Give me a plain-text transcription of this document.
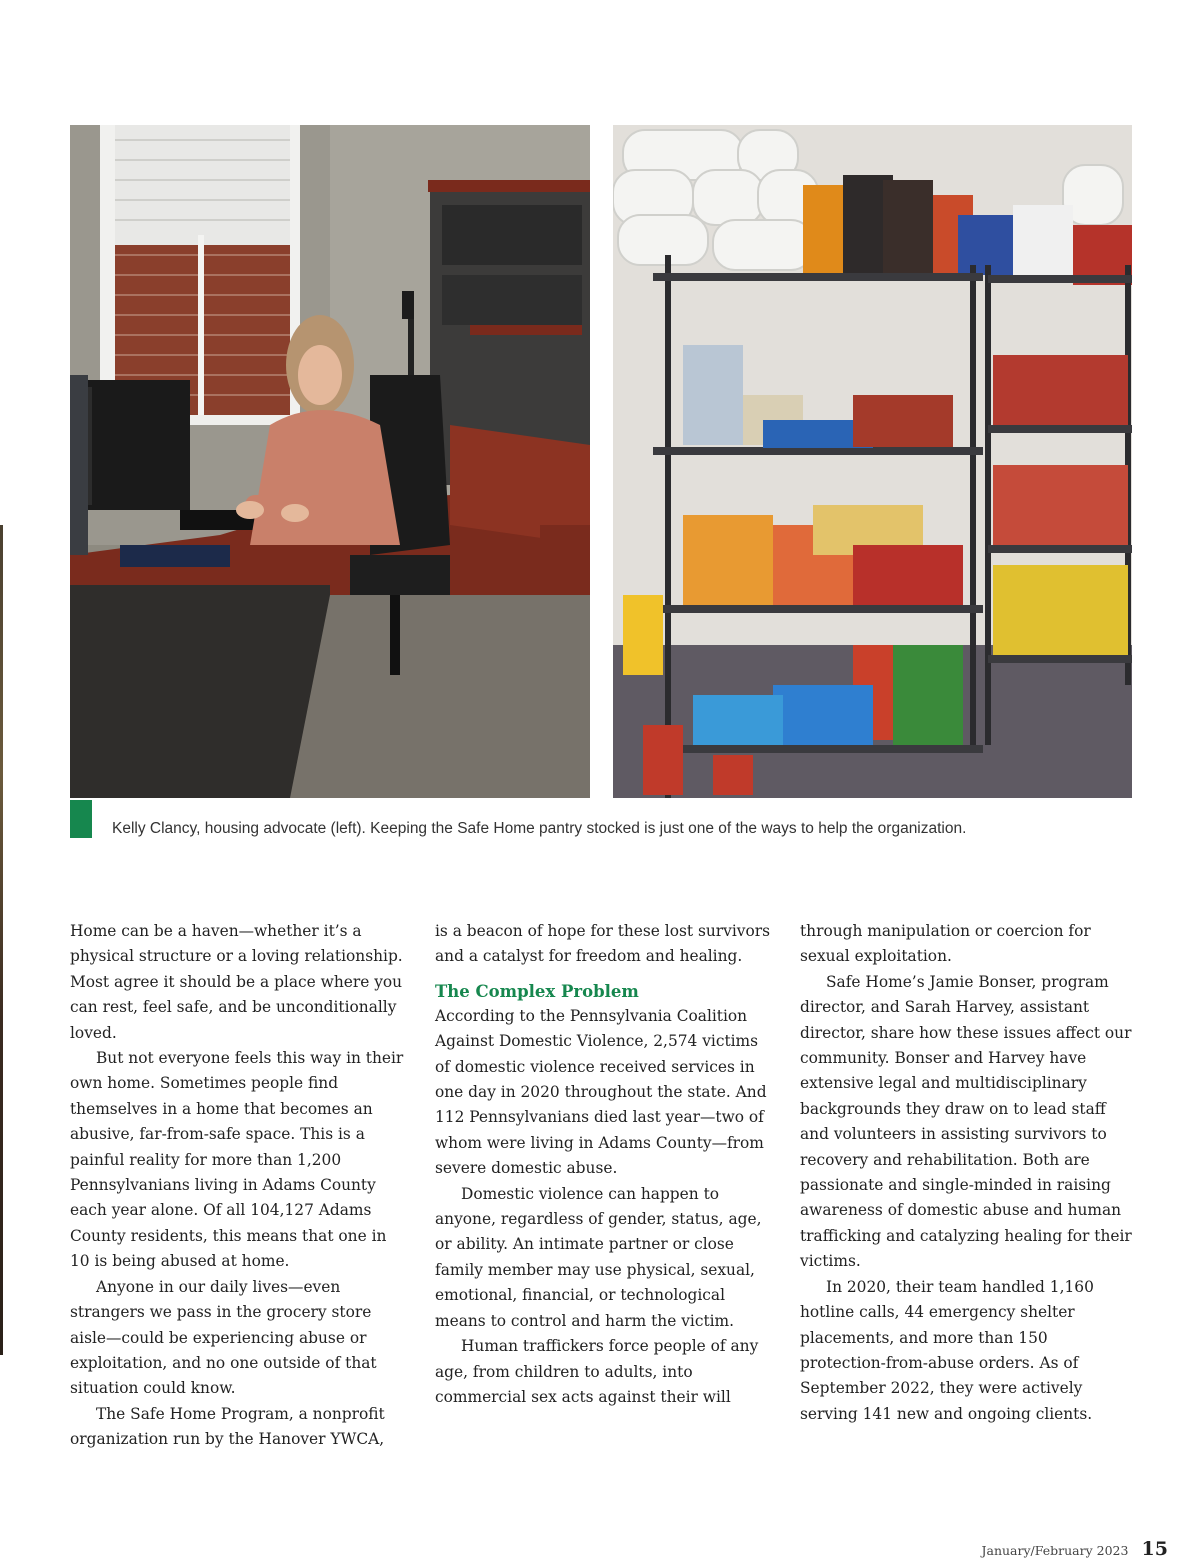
Kelly Clancy, housing advocate (left). Keeping the Safe Home pantry stocked is just one of the ways to help the organization.

Home can be a haven—whether it’s a physical structure or a loving relationship. Most agree it should be a place where you can rest, feel safe, and be unconditionally loved.

But not everyone feels this way in their own home. Sometimes people find themselves in a home that becomes an abusive, far-from-safe space. This is a painful reality for more than 1,200 Pennsylvanians living in Adams County each year alone. Of all 104,127 Adams County residents, this means that one in 10 is being abused at home.

Anyone in our daily lives—even strangers we pass in the grocery store aisle—could be experiencing abuse or exploitation, and no one outside of that situation could know.

The Safe Home Program, a nonprofit organization run by the Hanover YWCA,

is a beacon of hope for these lost survivors and a catalyst for freedom and healing.

The Complex Problem

According to the Pennsylvania Coalition Against Domestic Violence, 2,574 victims of domestic violence received services in one day in 2020 throughout the state. And 112 Pennsylvanians died last year—two of whom were living in Adams County—from severe domestic abuse.

Domestic violence can happen to anyone, regardless of gender, status, age, or ability. An intimate partner or close family member may use physical, sexual, emotional, financial, or technological means to control and harm the victim.

Human traffickers force people of any age, from children to adults, into commercial sex acts against their will

through manipulation or coercion for sexual exploitation.

Safe Home’s Jamie Bonser, program director, and Sarah Harvey, assistant director, share how these issues affect our community. Bonser and Harvey have extensive legal and multidisciplinary backgrounds they draw on to lead staff and volunteers in assisting survivors to recovery and rehabilitation. Both are passionate and single-minded in raising awareness of domestic abuse and human trafficking and catalyzing healing for their victims.

In 2020, their team handled 1,160 hotline calls, 44 emergency shelter placements, and more than 150 protection-from-abuse orders. As of September 2022, they were actively serving 141 new and ongoing clients.

January/February 2023 15
